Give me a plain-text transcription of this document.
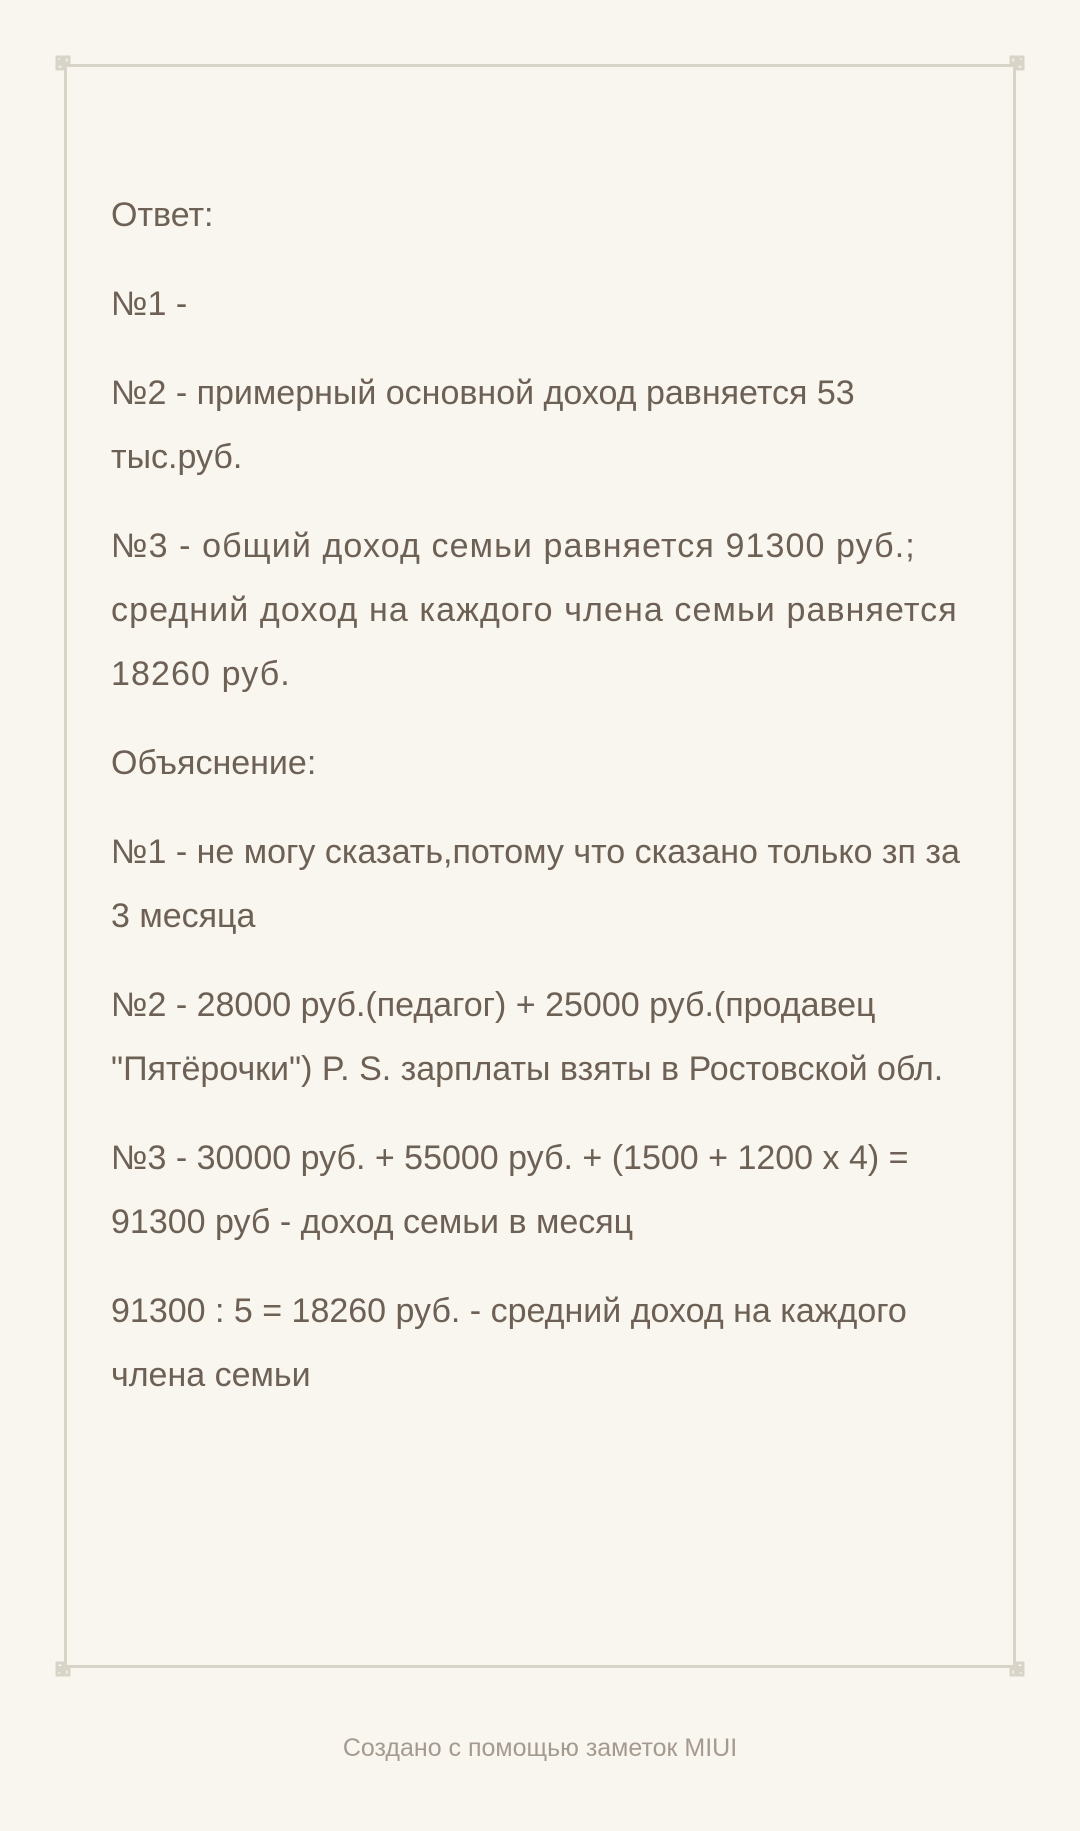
Ответ:

№1 -

№2 - примерный основной доход равняется 53 тыс.руб.

№3 - общий доход семьи равняется 91300 руб.; средний доход на каждого члена семьи равняется 18260 руб.

Объяснение:

№1 - не могу сказать,потому что сказано только зп за 3 месяца

№2 - 28000 руб.(педагог) + 25000 руб.(продавец "Пятёрочки") P. S. зарплаты взяты в Ростовской обл.

№3 - 30000 руб. + 55000 руб. + (1500 + 1200 x 4) = 91300 руб - доход семьи в месяц

91300 : 5 = 18260 руб. - средний доход на каждого члена семьи

Создано с помощью заметок MIUI
